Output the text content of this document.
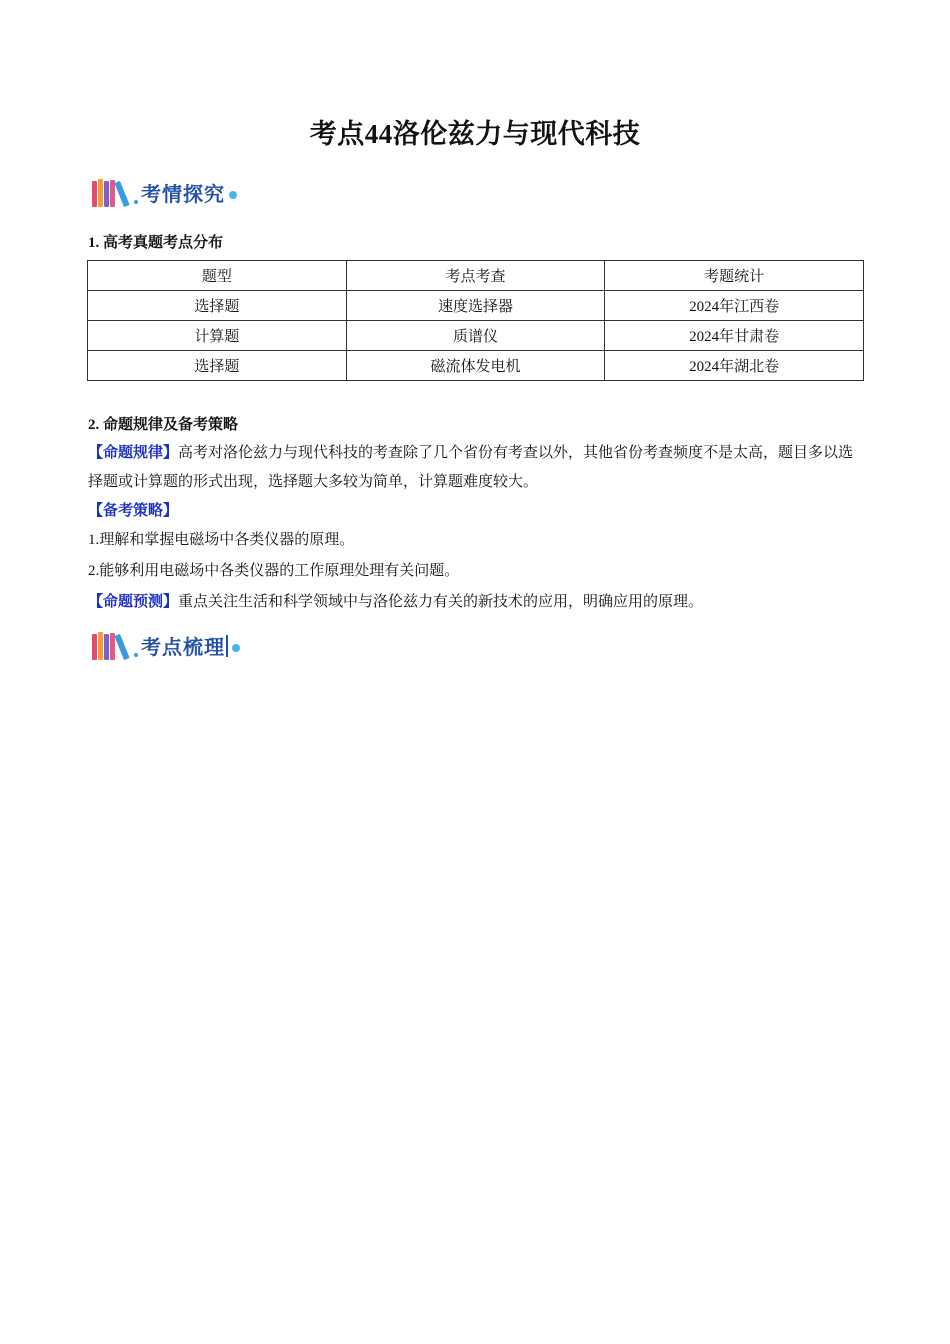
考点44洛伦兹力与现代科技
考情探究
1. 高考真题考点分布
题型	考点考查	考题统计
选择题	速度选择器	2024年江西卷
计算题	质谱仪	2024年甘肃卷
选择题	磁流体发电机	2024年湖北卷
2. 命题规律及备考策略
【命题规律】高考对洛伦兹力与现代科技的考查除了几个省份有考查以外，其他省份考查频度不是太高，题目多以选择题或计算题的形式出现，选择题大多较为简单，计算题难度较大。
【备考策略】
1.理解和掌握电磁场中各类仪器的原理。
2.能够利用电磁场中各类仪器的工作原理处理有关问题。
【命题预测】重点关注生活和科学领域中与洛伦兹力有关的新技术的应用，明确应用的原理。
考点梳理
